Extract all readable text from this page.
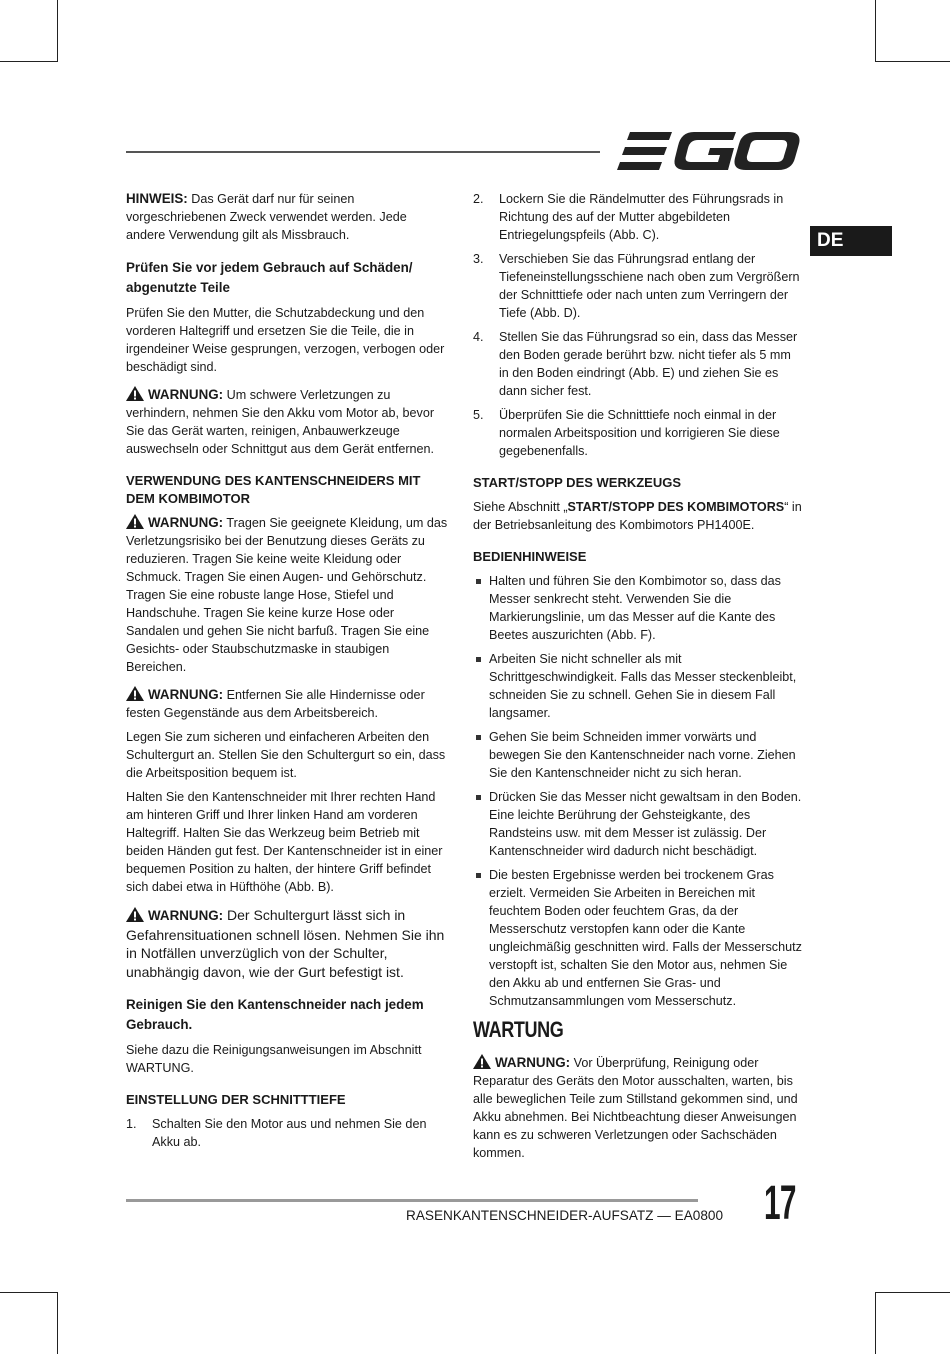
DE

HINWEIS: Das Gerät darf nur für seinen vorgeschriebenen Zweck verwendet werden. Jede andere Verwendung gilt als Missbrauch.

Prüfen Sie vor jedem Gebrauch auf Schäden/ abgenutzte Teile

Prüfen Sie den Mutter, die Schutzabdeckung und den vorderen Haltegriff und ersetzen Sie die Teile, die in irgendeiner Weise gesprungen, verzogen, verbogen oder beschädigt sind.

WARNUNG: Um schwere Verletzungen zu verhindern, nehmen Sie den Akku vom Motor ab, bevor Sie das Gerät warten, reinigen, Anbauwerkzeuge auswechseln oder Schnittgut aus dem Gerät entfernen.

VERWENDUNG DES KANTENSCHNEIDERS MIT DEM KOMBIMOTOR

WARNUNG: Tragen Sie geeignete Kleidung, um das Verletzungsrisiko bei der Benutzung dieses Geräts zu reduzieren. Tragen Sie keine weite Kleidung oder Schmuck. Tragen Sie einen Augen- und Gehörschutz. Tragen Sie eine robuste lange Hose, Stiefel und Handschuhe. Tragen Sie keine kurze Hose oder Sandalen und gehen Sie nicht barfuß. Tragen Sie eine Gesichts- oder Staubschutzmaske in staubigen Bereichen.

WARNUNG: Entfernen Sie alle Hindernisse oder festen Gegenstände aus dem Arbeitsbereich.

Legen Sie zum sicheren und einfacheren Arbeiten den Schultergurt an. Stellen Sie den Schultergurt so ein, dass die Arbeitsposition bequem ist.

Halten Sie den Kantenschneider mit Ihrer rechten Hand am hinteren Griff und Ihrer linken Hand am vorderen Haltegriff. Halten Sie das Werkzeug beim Betrieb mit beiden Händen gut fest. Der Kantenschneider ist in einer bequemen Position zu halten, der hintere Griff befindet sich dabei etwa in Hüfthöhe (Abb. B).

WARNUNG: Der Schultergurt lässt sich in Gefahrensituationen schnell lösen. Nehmen Sie ihn in Notfällen unverzüglich von der Schulter, unabhängig davon, wie der Gurt befestigt ist.

Reinigen Sie den Kantenschneider nach jedem Gebrauch.

Siehe dazu die Reinigungsanweisungen im Abschnitt WARTUNG.

EINSTELLUNG DER SCHNITTTIEFE
1. Schalten Sie den Motor aus und nehmen Sie den Akku ab.
2. Lockern Sie die Rändelmutter des Führungsrads in Richtung des auf der Mutter abgebildeten Entriegelungspfeils (Abb. C).
3. Verschieben Sie das Führungsrad entlang der Tiefeneinstellungsschiene nach oben zum Vergrößern der Schnitttiefe oder nach unten zum Verringern der Tiefe (Abb. D).
4. Stellen Sie das Führungsrad so ein, dass das Messer den Boden gerade berührt bzw. nicht tiefer als 5 mm in den Boden eindringt (Abb. E) und ziehen Sie es dann sicher fest.
5. Überprüfen Sie die Schnitttiefe noch einmal in der normalen Arbeitsposition und korrigieren Sie diese gegebenenfalls.
START/STOPP DES WERKZEUGS

Siehe Abschnitt „START/STOPP DES KOMBIMOTORS“ in der Betriebsanleitung des Kombimotors PH1400E.

BEDIENHINWEISE
Halten und führen Sie den Kombimotor so, dass das Messer senkrecht steht. Verwenden Sie die Markierungslinie, um das Messer auf die Kante des Beetes auszurichten (Abb. F).
Arbeiten Sie nicht schneller als mit Schrittgeschwindigkeit. Falls das Messer steckenbleibt, schneiden Sie zu schnell. Gehen Sie in diesem Fall langsamer.
Gehen Sie beim Schneiden immer vorwärts und bewegen Sie den Kantenschneider nach vorne. Ziehen Sie den Kantenschneider nicht zu sich heran.
Drücken Sie das Messer nicht gewaltsam in den Boden. Eine leichte Berührung der Gehsteigkante, des Randsteins usw. mit dem Messer ist zulässig. Der Kantenschneider wird dadurch nicht beschädigt.
Die besten Ergebnisse werden bei trockenem Gras erzielt. Vermeiden Sie Arbeiten in Bereichen mit feuchtem Boden oder feuchtem Gras, da der Messerschutz verstopfen kann oder die Kante ungleichmäßig geschnitten wird. Falls der Messerschutz verstopft ist, schalten Sie den Motor aus, nehmen Sie den Akku ab und entfernen Sie Gras- und Schmutzansammlungen vom Messerschutz.
WARTUNG

WARNUNG: Vor Überprüfung, Reinigung oder Reparatur des Geräts den Motor ausschalten, warten, bis alle beweglichen Teile zum Stillstand gekommen sind, und Akku abnehmen. Bei Nichtbeachtung dieser Anweisungen kann es zu schweren Verletzungen oder Sachschäden kommen.

RASENKANTENSCHNEIDER-AUFSATZ — EA0800 17
